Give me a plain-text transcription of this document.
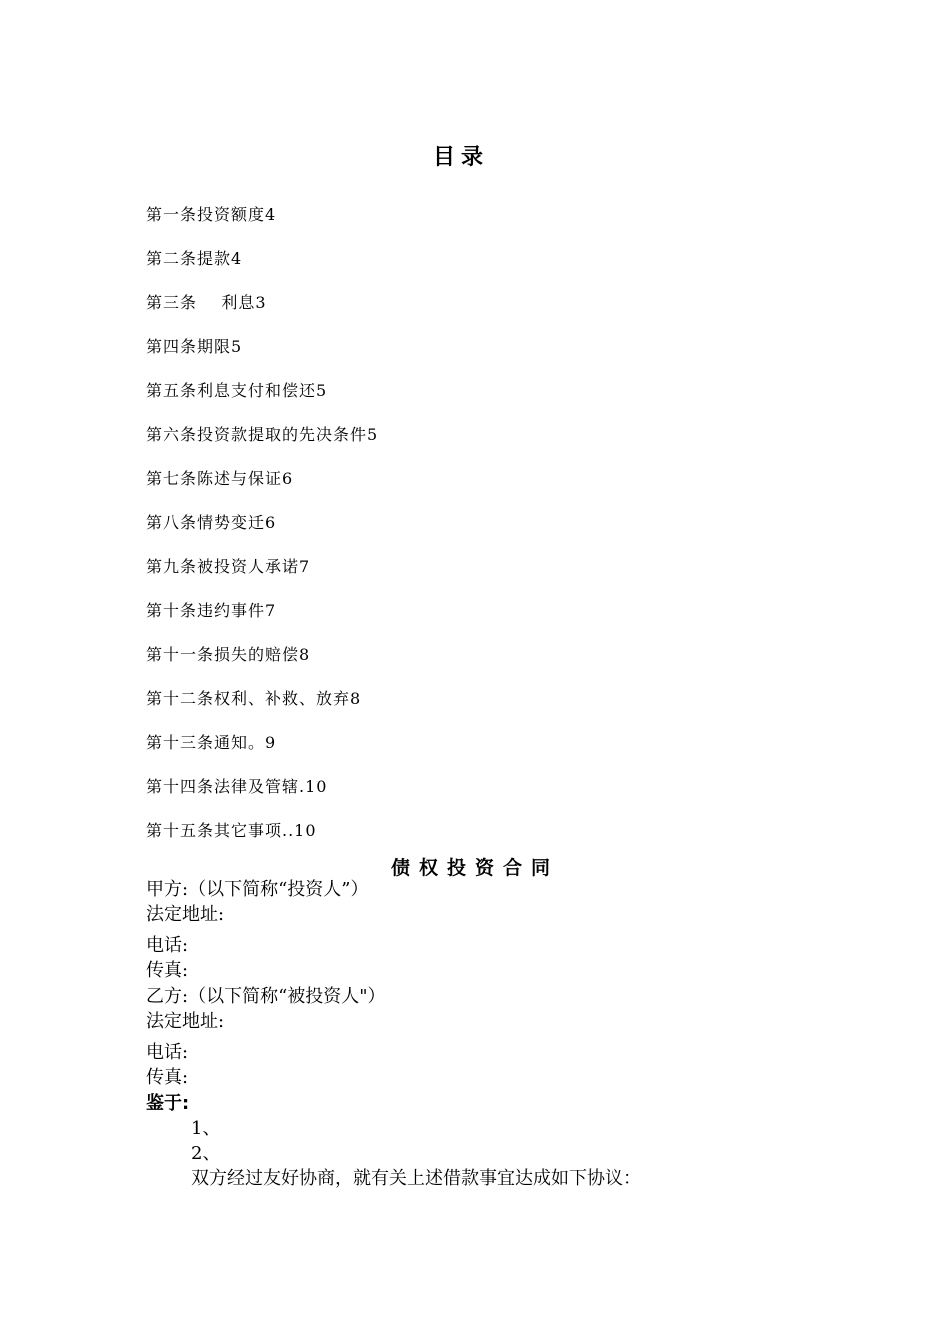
目录
第一条投资额度4
第二条提款4
第三条    利息3
第四条期限5
第五条利息支付和偿还5
第六条投资款提取的先决条件5
第七条陈述与保证6
第八条情势变迁6
第九条被投资人承诺7
第十条违约事件7
第十一条损失的赔偿8
第十二条权利、补救、放弃8
第十三条通知。9
第十四条法律及管辖.10
第十五条其它事项..10
债权投资合同
甲方:（以下简称“投资人”）
法定地址:
电话:
传真:
乙方:（以下简称“被投资人"）
法定地址:
电话:
传真:
鉴于:
1、
2、
双方经过友好协商，就有关上述借款事宜达成如下协议：
